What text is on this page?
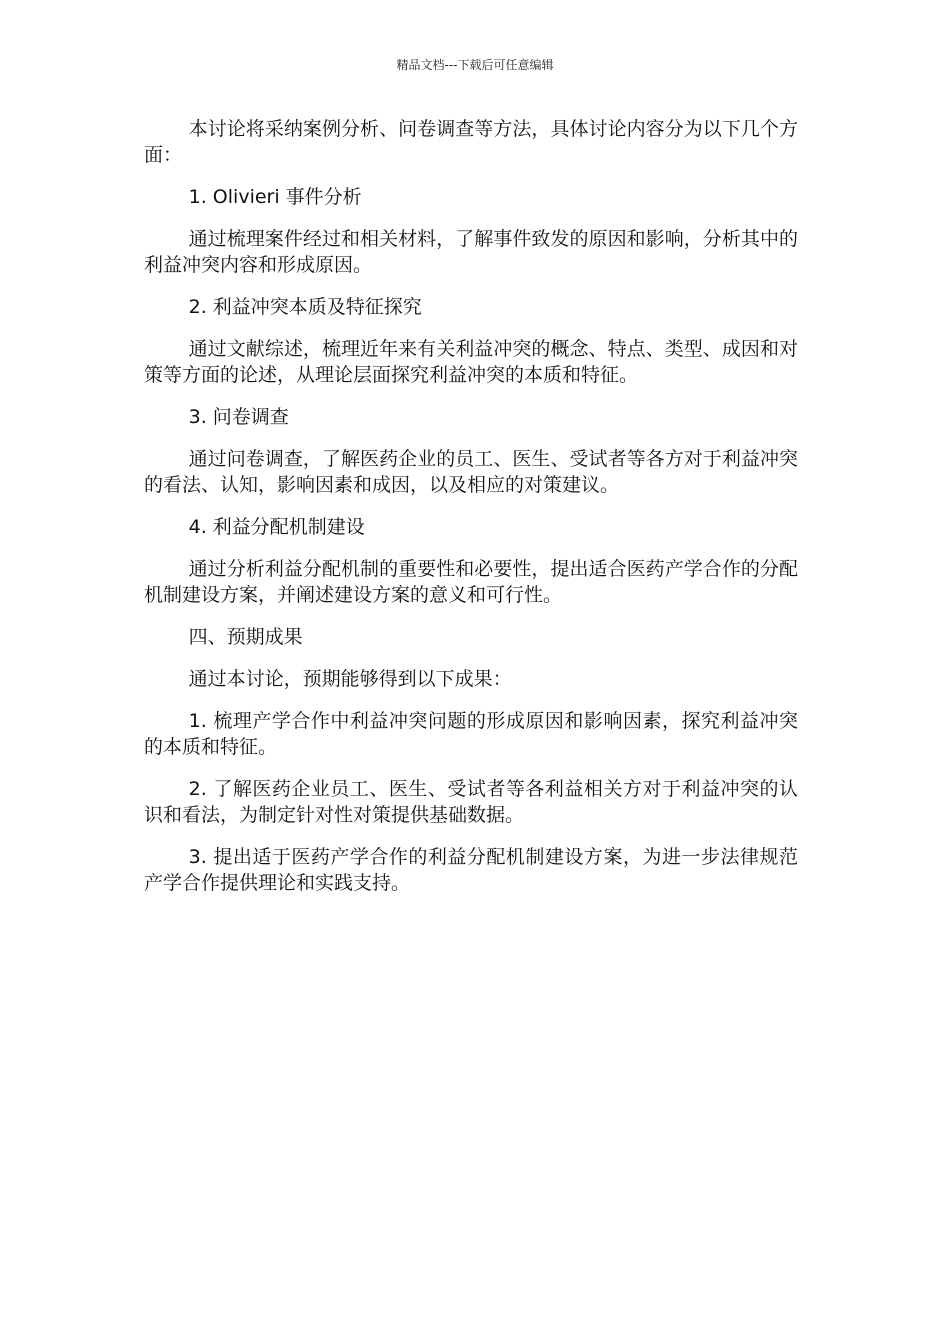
精品文档---下载后可任意编辑

本讨论将采纳案例分析、问卷调查等方法，具体讨论内容分为以下几个方面：

1. Olivieri 事件分析

通过梳理案件经过和相关材料，了解事件致发的原因和影响，分析其中的利益冲突内容和形成原因。

2. 利益冲突本质及特征探究

通过文献综述，梳理近年来有关利益冲突的概念、特点、类型、成因和对策等方面的论述，从理论层面探究利益冲突的本质和特征。

3. 问卷调查

通过问卷调查，了解医药企业的员工、医生、受试者等各方对于利益冲突的看法、认知，影响因素和成因，以及相应的对策建议。

4. 利益分配机制建设

通过分析利益分配机制的重要性和必要性，提出适合医药产学合作的分配机制建设方案，并阐述建设方案的意义和可行性。

四、预期成果

通过本讨论，预期能够得到以下成果：

1. 梳理产学合作中利益冲突问题的形成原因和影响因素，探究利益冲突的本质和特征。

2. 了解医药企业员工、医生、受试者等各利益相关方对于利益冲突的认识和看法，为制定针对性对策提供基础数据。

3. 提出适于医药产学合作的利益分配机制建设方案，为进一步法律规范产学合作提供理论和实践支持。
